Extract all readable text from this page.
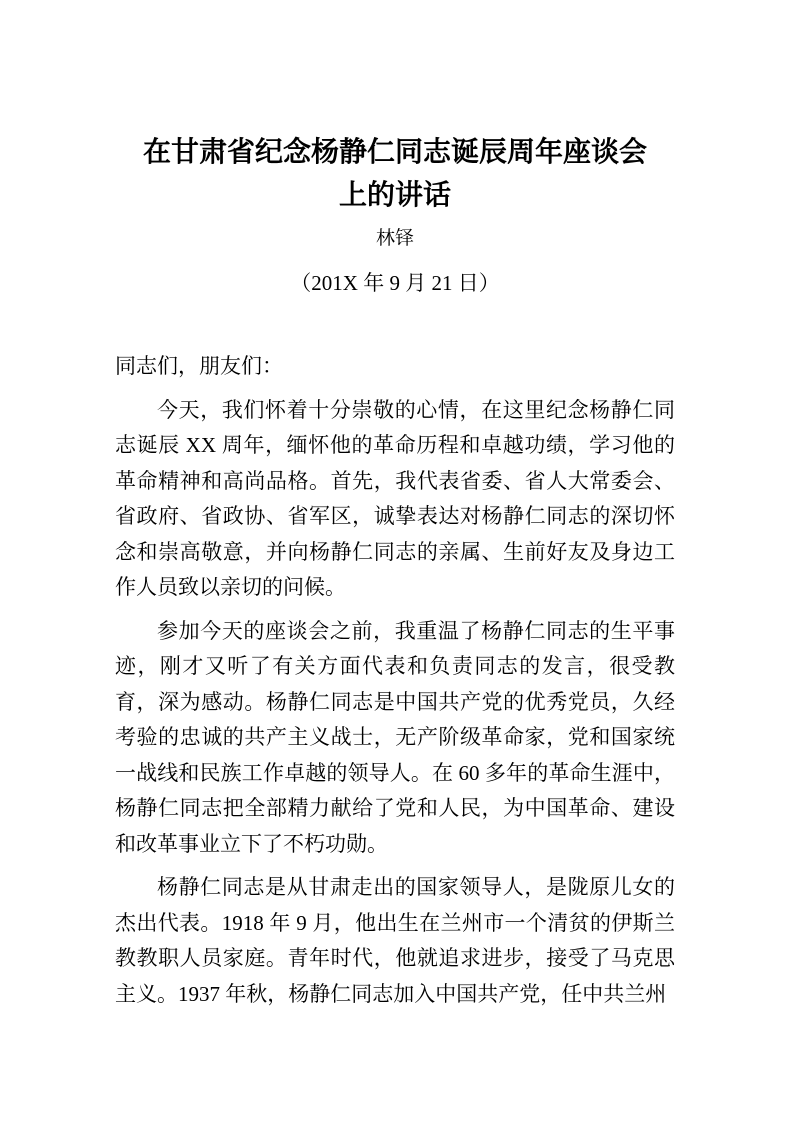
在甘肃省纪念杨静仁同志诞辰周年座谈会上的讲话
林铎
（201X 年 9 月 21 日）

同志们，朋友们：

今天，我们怀着十分崇敬的心情，在这里纪念杨静仁同志诞辰 XX 周年，缅怀他的革命历程和卓越功绩，学习他的革命精神和高尚品格。首先，我代表省委、省人大常委会、省政府、省政协、省军区，诚挚表达对杨静仁同志的深切怀念和崇高敬意，并向杨静仁同志的亲属、生前好友及身边工作人员致以亲切的问候。

参加今天的座谈会之前，我重温了杨静仁同志的生平事迹，刚才又听了有关方面代表和负责同志的发言，很受教育，深为感动。杨静仁同志是中国共产党的优秀党员，久经考验的忠诚的共产主义战士，无产阶级革命家，党和国家统一战线和民族工作卓越的领导人。在 60 多年的革命生涯中，杨静仁同志把全部精力献给了党和人民，为中国革命、建设和改革事业立下了不朽功勋。

杨静仁同志是从甘肃走出的国家领导人，是陇原儿女的杰出代表。1918 年 9 月，他出生在兰州市一个清贫的伊斯兰教教职人员家庭。青年时代，他就追求进步，接受了马克思主义。1937 年秋，杨静仁同志加入中国共产党，任中共兰州
